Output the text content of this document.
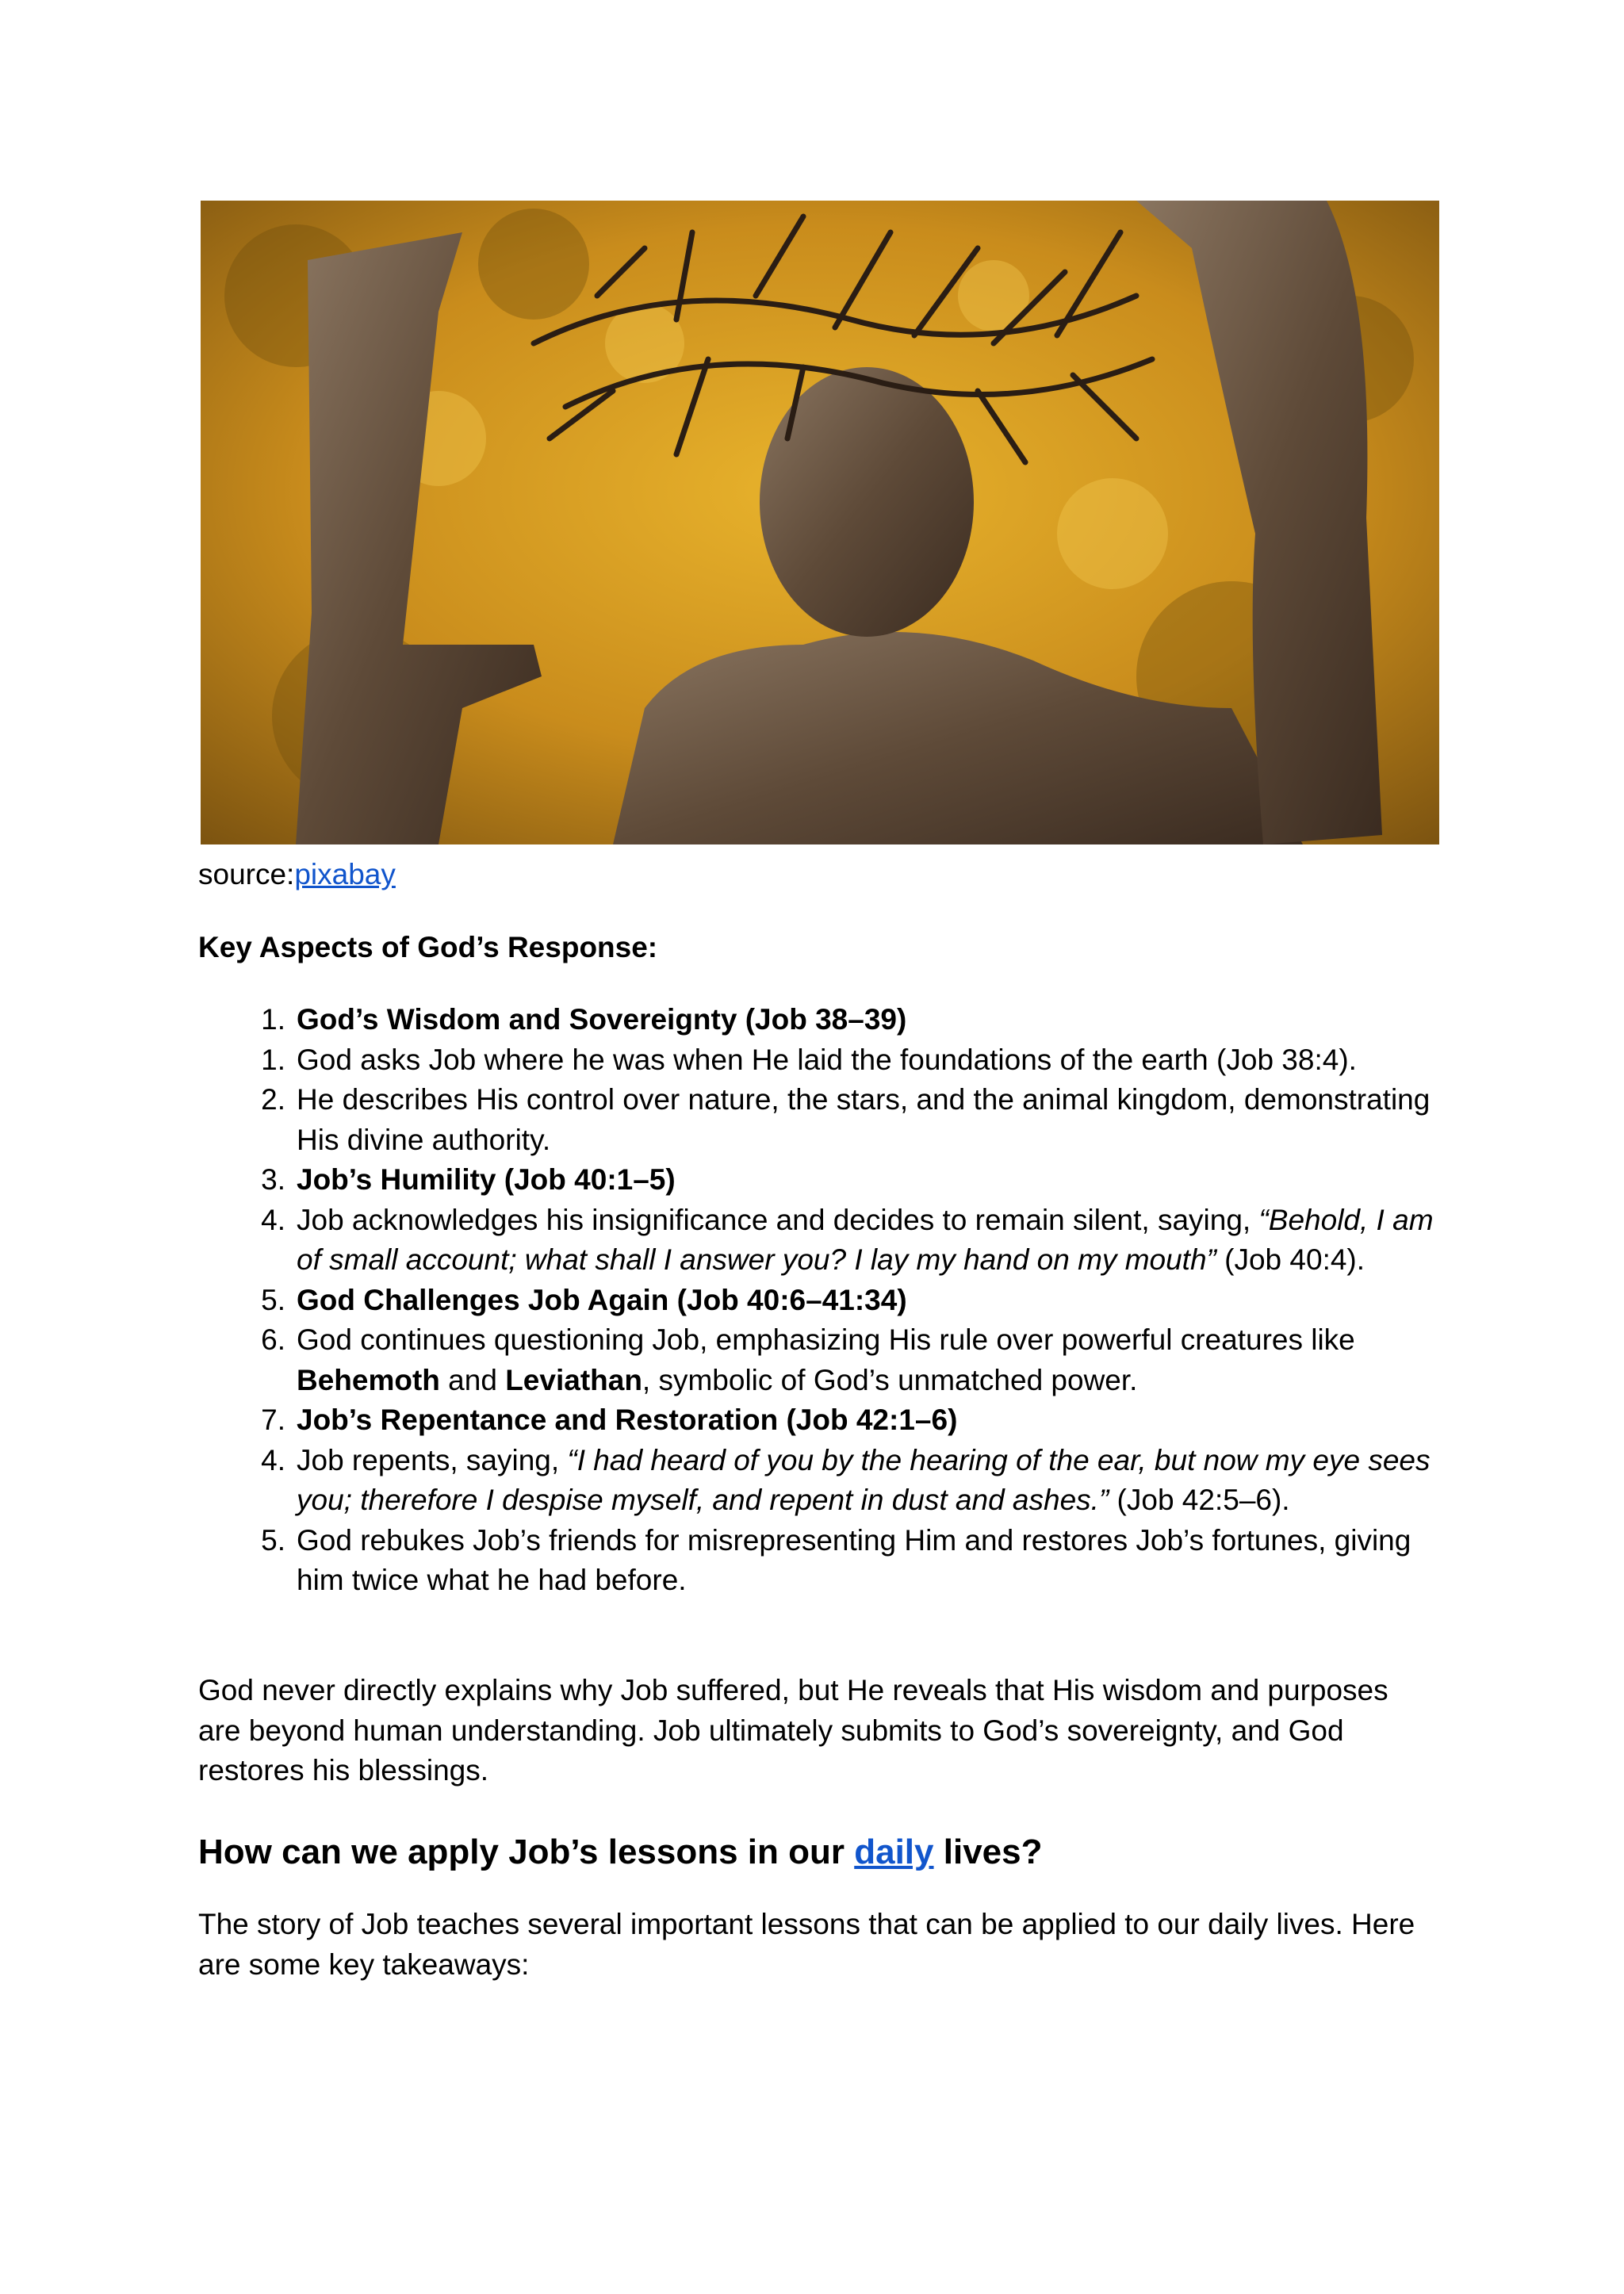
source:pixabay
Key Aspects of God’s Response:
1 . God’s Wisdom and Sovereignty (Job 38–39)
1 . God asks Job where he was when He laid the foundations of the earth (Job 38:4).
2 . He describes His control over nature, the stars, and the animal kingdom, demonstrating His divine authority.
3 . Job’s Humility (Job 40:1–5)
4 . Job acknowledges his insignificance and decides to remain silent, saying, “Behold, I am of small account; what shall I answer you? I lay my hand on my mouth” (Job 40:4).
5 . God Challenges Job Again (Job 40:6–41:34)
6 . God continues questioning Job, emphasizing His rule over powerful creatures like Behemoth and Leviathan, symbolic of God’s unmatched power.
7 . Job’s Repentance and Restoration (Job 42:1–6)
4 . Job repents, saying, “I had heard of you by the hearing of the ear, but now my eye sees you; therefore I despise myself, and repent in dust and ashes.” (Job 42:5–6).
5 . God rebukes Job’s friends for misrepresenting Him and restores Job’s fortunes, giving him twice what he had before.

God never directly explains why Job suffered, but He reveals that His wisdom and purposes are beyond human understanding. Job ultimately submits to God’s sovereignty, and God restores his blessings.

How can we apply Job’s lessons in our daily lives?

The story of Job teaches several important lessons that can be applied to our daily lives. Here are some key takeaways:
